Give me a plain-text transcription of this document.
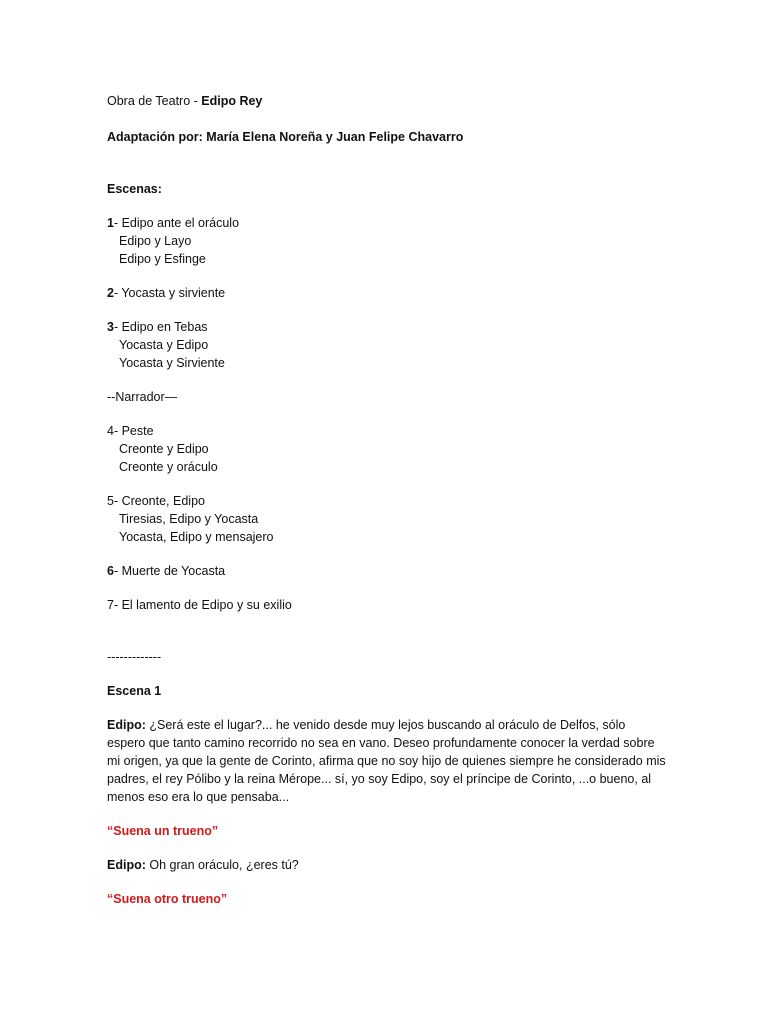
Obra de Teatro - Edipo Rey
Adaptación por: María Elena Noreña y Juan Felipe Chavarro
Escenas:
1- Edipo ante el oráculo
Edipo y Layo
Edipo y Esfinge
2- Yocasta y sirviente
3- Edipo en Tebas
Yocasta y Edipo
Yocasta y Sirviente
--Narrador—
4- Peste
Creonte y Edipo
Creonte y oráculo
5- Creonte, Edipo
Tiresias, Edipo y Yocasta
Yocasta, Edipo y mensajero
6- Muerte de Yocasta
7- El lamento de Edipo y su exilio
-------------
Escena 1
Edipo: ¿Será este el lugar?... he venido desde muy lejos buscando al oráculo de Delfos, sólo espero que tanto camino recorrido no sea en vano. Deseo profundamente conocer la verdad sobre mi origen, ya que la gente de Corinto, afirma que no soy hijo de quienes siempre he considerado mis padres, el rey Pólibo y la reina Mérope... sí, yo soy Edipo, soy el príncipe de Corinto, ...o bueno, al menos eso era lo que pensaba...
“Suena un trueno”
Edipo: Oh gran oráculo, ¿eres tú?
“Suena otro trueno”
